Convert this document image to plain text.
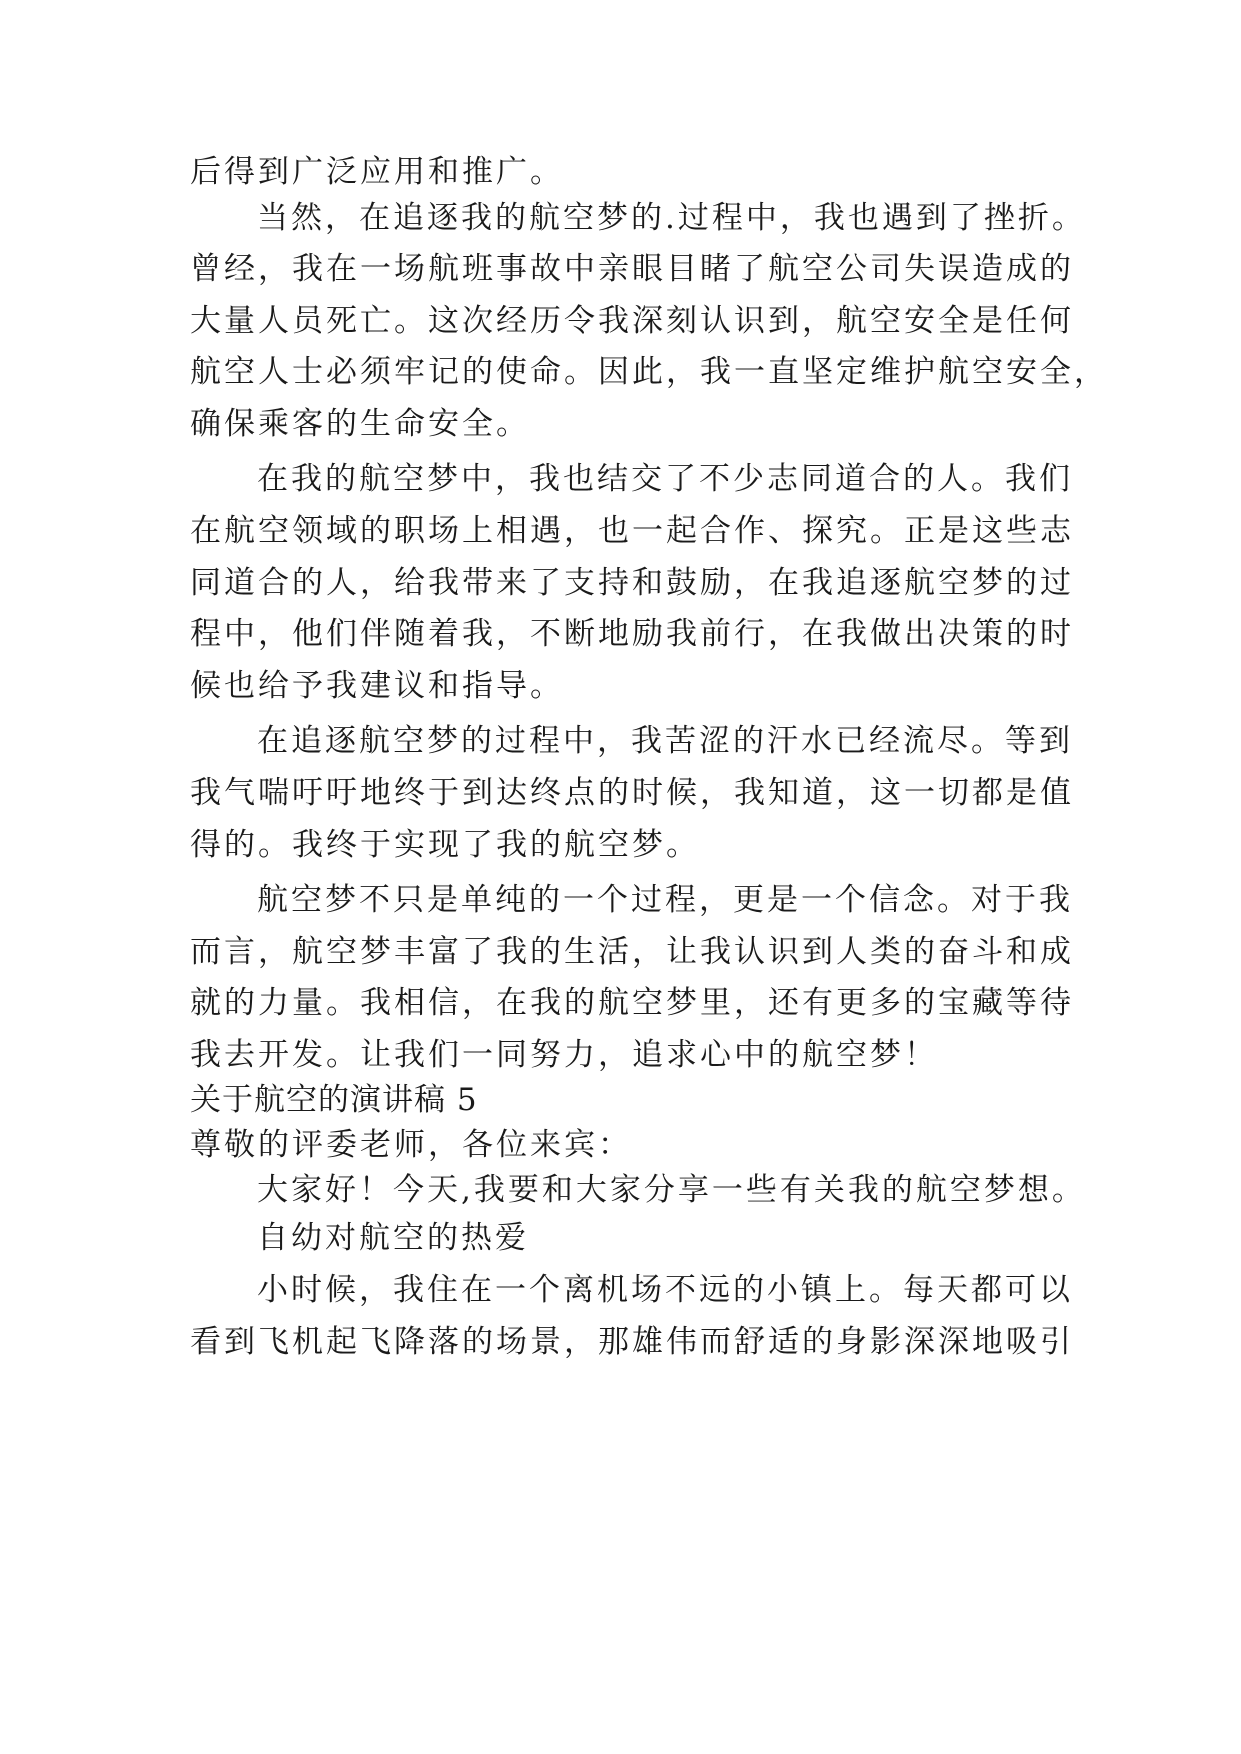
后得到广泛应用和推广。
当然，在追逐我的航空梦的.过程中，我也遇到了挫折。
曾经，我在一场航班事故中亲眼目睹了航空公司失误造成的
大量人员死亡。这次经历令我深刻认识到，航空安全是任何
航空人士必须牢记的使命。因此，我一直坚定维护航空安全，
确保乘客的生命安全。
在我的航空梦中，我也结交了不少志同道合的人。我们
在航空领域的职场上相遇，也一起合作、探究。正是这些志
同道合的人，给我带来了支持和鼓励，在我追逐航空梦的过
程中，他们伴随着我，不断地励我前行，在我做出决策的时
候也给予我建议和指导。
在追逐航空梦的过程中，我苦涩的汗水已经流尽。等到
我气喘吁吁地终于到达终点的时候，我知道，这一切都是值
得的。我终于实现了我的航空梦。
航空梦不只是单纯的一个过程，更是一个信念。对于我
而言，航空梦丰富了我的生活，让我认识到人类的奋斗和成
就的力量。我相信，在我的航空梦里，还有更多的宝藏等待
我去开发。让我们一同努力，追求心中的航空梦！
关于航空的演讲稿 5
尊敬的评委老师，各位来宾：
大家好！今天,我要和大家分享一些有关我的航空梦想。
自幼对航空的热爱
小时候，我住在一个离机场不远的小镇上。每天都可以
看到飞机起飞降落的场景，那雄伟而舒适的身影深深地吸引
